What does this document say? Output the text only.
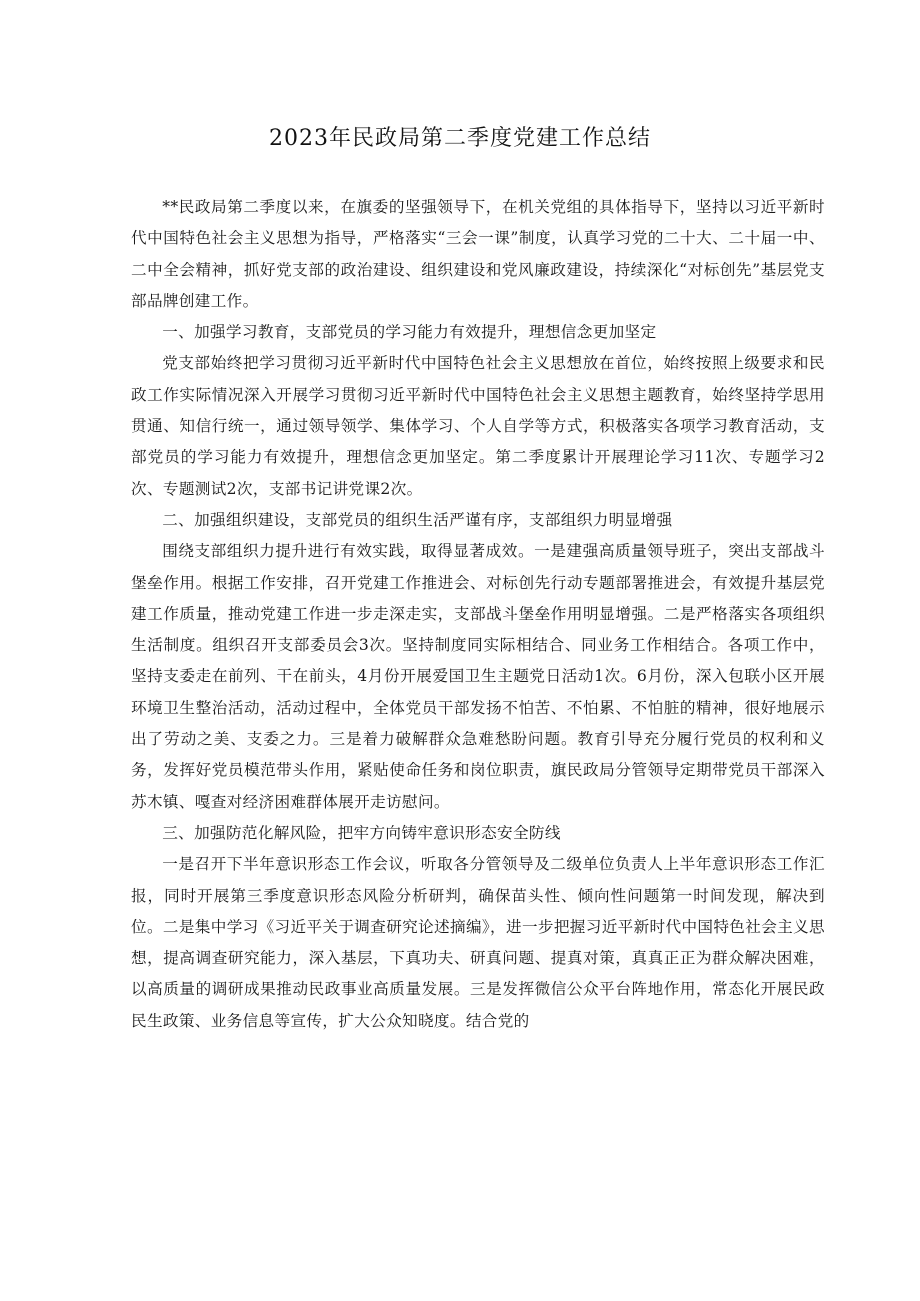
2023年民政局第二季度党建工作总结

**民政局第二季度以来，在旗委的坚强领导下，在机关党组的具体指导下，坚持以习近平新时代中国特色社会主义思想为指导，严格落实“三会一课”制度，认真学习党的二十大、二十届一中、二中全会精神，抓好党支部的政治建设、组织建设和党风廉政建设，持续深化“对标创先”基层党支部品牌创建工作。

一、加强学习教育，支部党员的学习能力有效提升，理想信念更加坚定

党支部始终把学习贯彻习近平新时代中国特色社会主义思想放在首位，始终按照上级要求和民政工作实际情况深入开展学习贯彻习近平新时代中国特色社会主义思想主题教育，始终坚持学思用贯通、知信行统一，通过领导领学、集体学习、个人自学等方式，积极落实各项学习教育活动，支部党员的学习能力有效提升，理想信念更加坚定。第二季度累计开展理论学习11次、专题学习2次、专题测试2次，支部书记讲党课2次。

二、加强组织建设，支部党员的组织生活严谨有序，支部组织力明显增强

围绕支部组织力提升进行有效实践，取得显著成效。一是建强高质量领导班子，突出支部战斗堡垒作用。根据工作安排，召开党建工作推进会、对标创先行动专题部署推进会，有效提升基层党建工作质量，推动党建工作进一步走深走实，支部战斗堡垒作用明显增强。二是严格落实各项组织生活制度。组织召开支部委员会3次。坚持制度同实际相结合、同业务工作相结合。各项工作中，坚持支委走在前列、干在前头，4月份开展爱国卫生主题党日活动1次。6月份，深入包联小区开展环境卫生整治活动，活动过程中，全体党员干部发扬不怕苦、不怕累、不怕脏的精神，很好地展示出了劳动之美、支委之力。三是着力破解群众急难愁盼问题。教育引导充分履行党员的权利和义务，发挥好党员模范带头作用，紧贴使命任务和岗位职责，旗民政局分管领导定期带党员干部深入苏木镇、嘎查对经济困难群体展开走访慰问。

三、加强防范化解风险，把牢方向铸牢意识形态安全防线

一是召开下半年意识形态工作会议，听取各分管领导及二级单位负责人上半年意识形态工作汇报，同时开展第三季度意识形态风险分析研判，确保苗头性、倾向性问题第一时间发现，解决到位。二是集中学习《习近平关于调查研究论述摘编》，进一步把握习近平新时代中国特色社会主义思想，提高调查研究能力，深入基层，下真功夫、研真问题、提真对策，真真正正为群众解决困难，以高质量的调研成果推动民政事业高质量发展。三是发挥微信公众平台阵地作用，常态化开展民政民生政策、业务信息等宣传，扩大公众知晓度。结合党的
